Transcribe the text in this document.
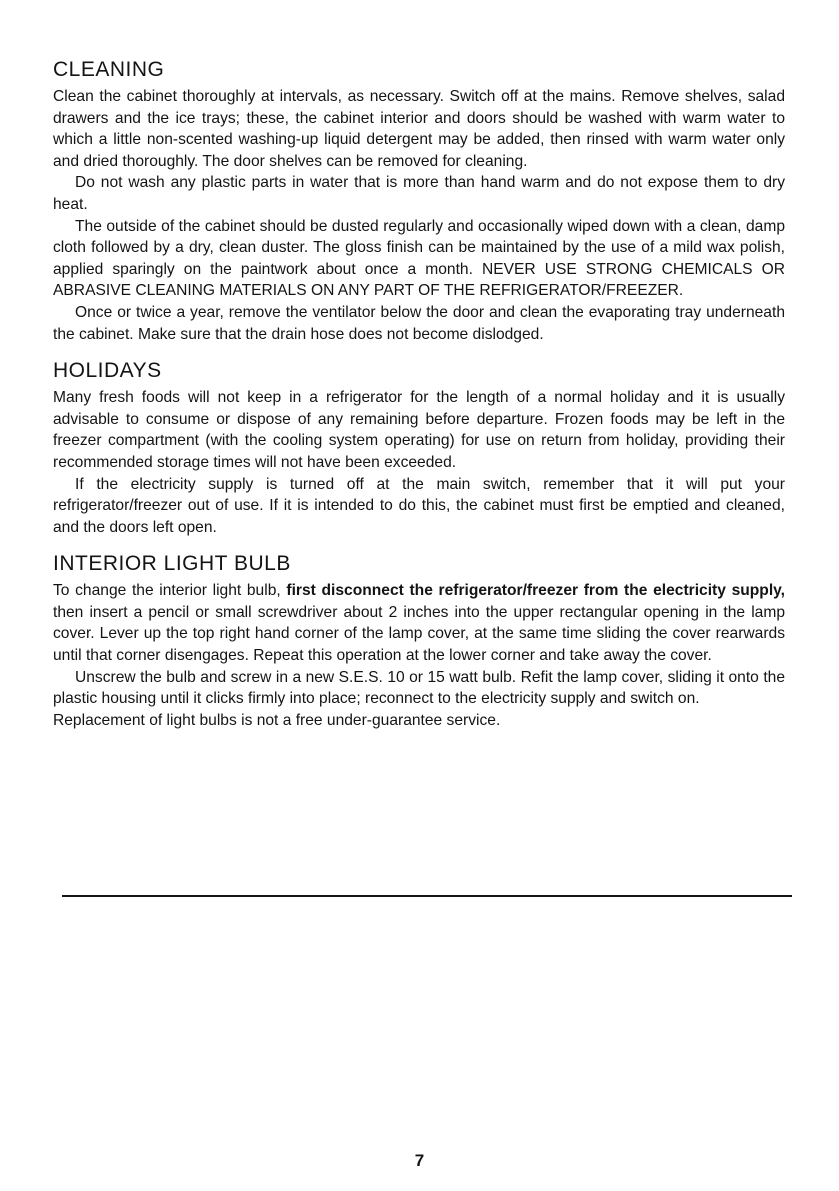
CLEANING

Clean the cabinet thoroughly at intervals, as necessary. Switch off at the mains. Remove shelves, salad drawers and the ice trays; these, the cabinet interior and doors should be washed with warm water to which a little non-scented washing-up liquid detergent may be added, then rinsed with warm water only and dried thoroughly. The door shelves can be removed for cleaning.

Do not wash any plastic parts in water that is more than hand warm and do not expose them to dry heat.

The outside of the cabinet should be dusted regularly and occasionally wiped down with a clean, damp cloth followed by a dry, clean duster. The gloss finish can be maintained by the use of a mild wax polish, applied sparingly on the paintwork about once a month. NEVER USE STRONG CHEMICALS OR ABRASIVE CLEANING MATERIALS ON ANY PART OF THE REFRIGERATOR/FREEZER.

Once or twice a year, remove the ventilator below the door and clean the evaporating tray underneath the cabinet. Make sure that the drain hose does not become dislodged.

HOLIDAYS

Many fresh foods will not keep in a refrigerator for the length of a normal holiday and it is usually advisable to consume or dispose of any remaining before departure. Frozen foods may be left in the freezer compartment (with the cooling system operating) for use on return from holiday, providing their recommended storage times will not have been exceeded.

If the electricity supply is turned off at the main switch, remember that it will put your refrigerator/freezer out of use. If it is intended to do this, the cabinet must first be emptied and cleaned, and the doors left open.

INTERIOR LIGHT BULB

To change the interior light bulb, first disconnect the refrigerator/freezer from the electricity supply, then insert a pencil or small screwdriver about 2 inches into the upper rectangular opening in the lamp cover. Lever up the top right hand corner of the lamp cover, at the same time sliding the cover rearwards until that corner disengages. Repeat this operation at the lower corner and take away the cover.

Unscrew the bulb and screw in a new S.E.S. 10 or 15 watt bulb. Refit the lamp cover, sliding it onto the plastic housing until it clicks firmly into place; reconnect to the electricity supply and switch on.

Replacement of light bulbs is not a free under-guarantee service.

7
